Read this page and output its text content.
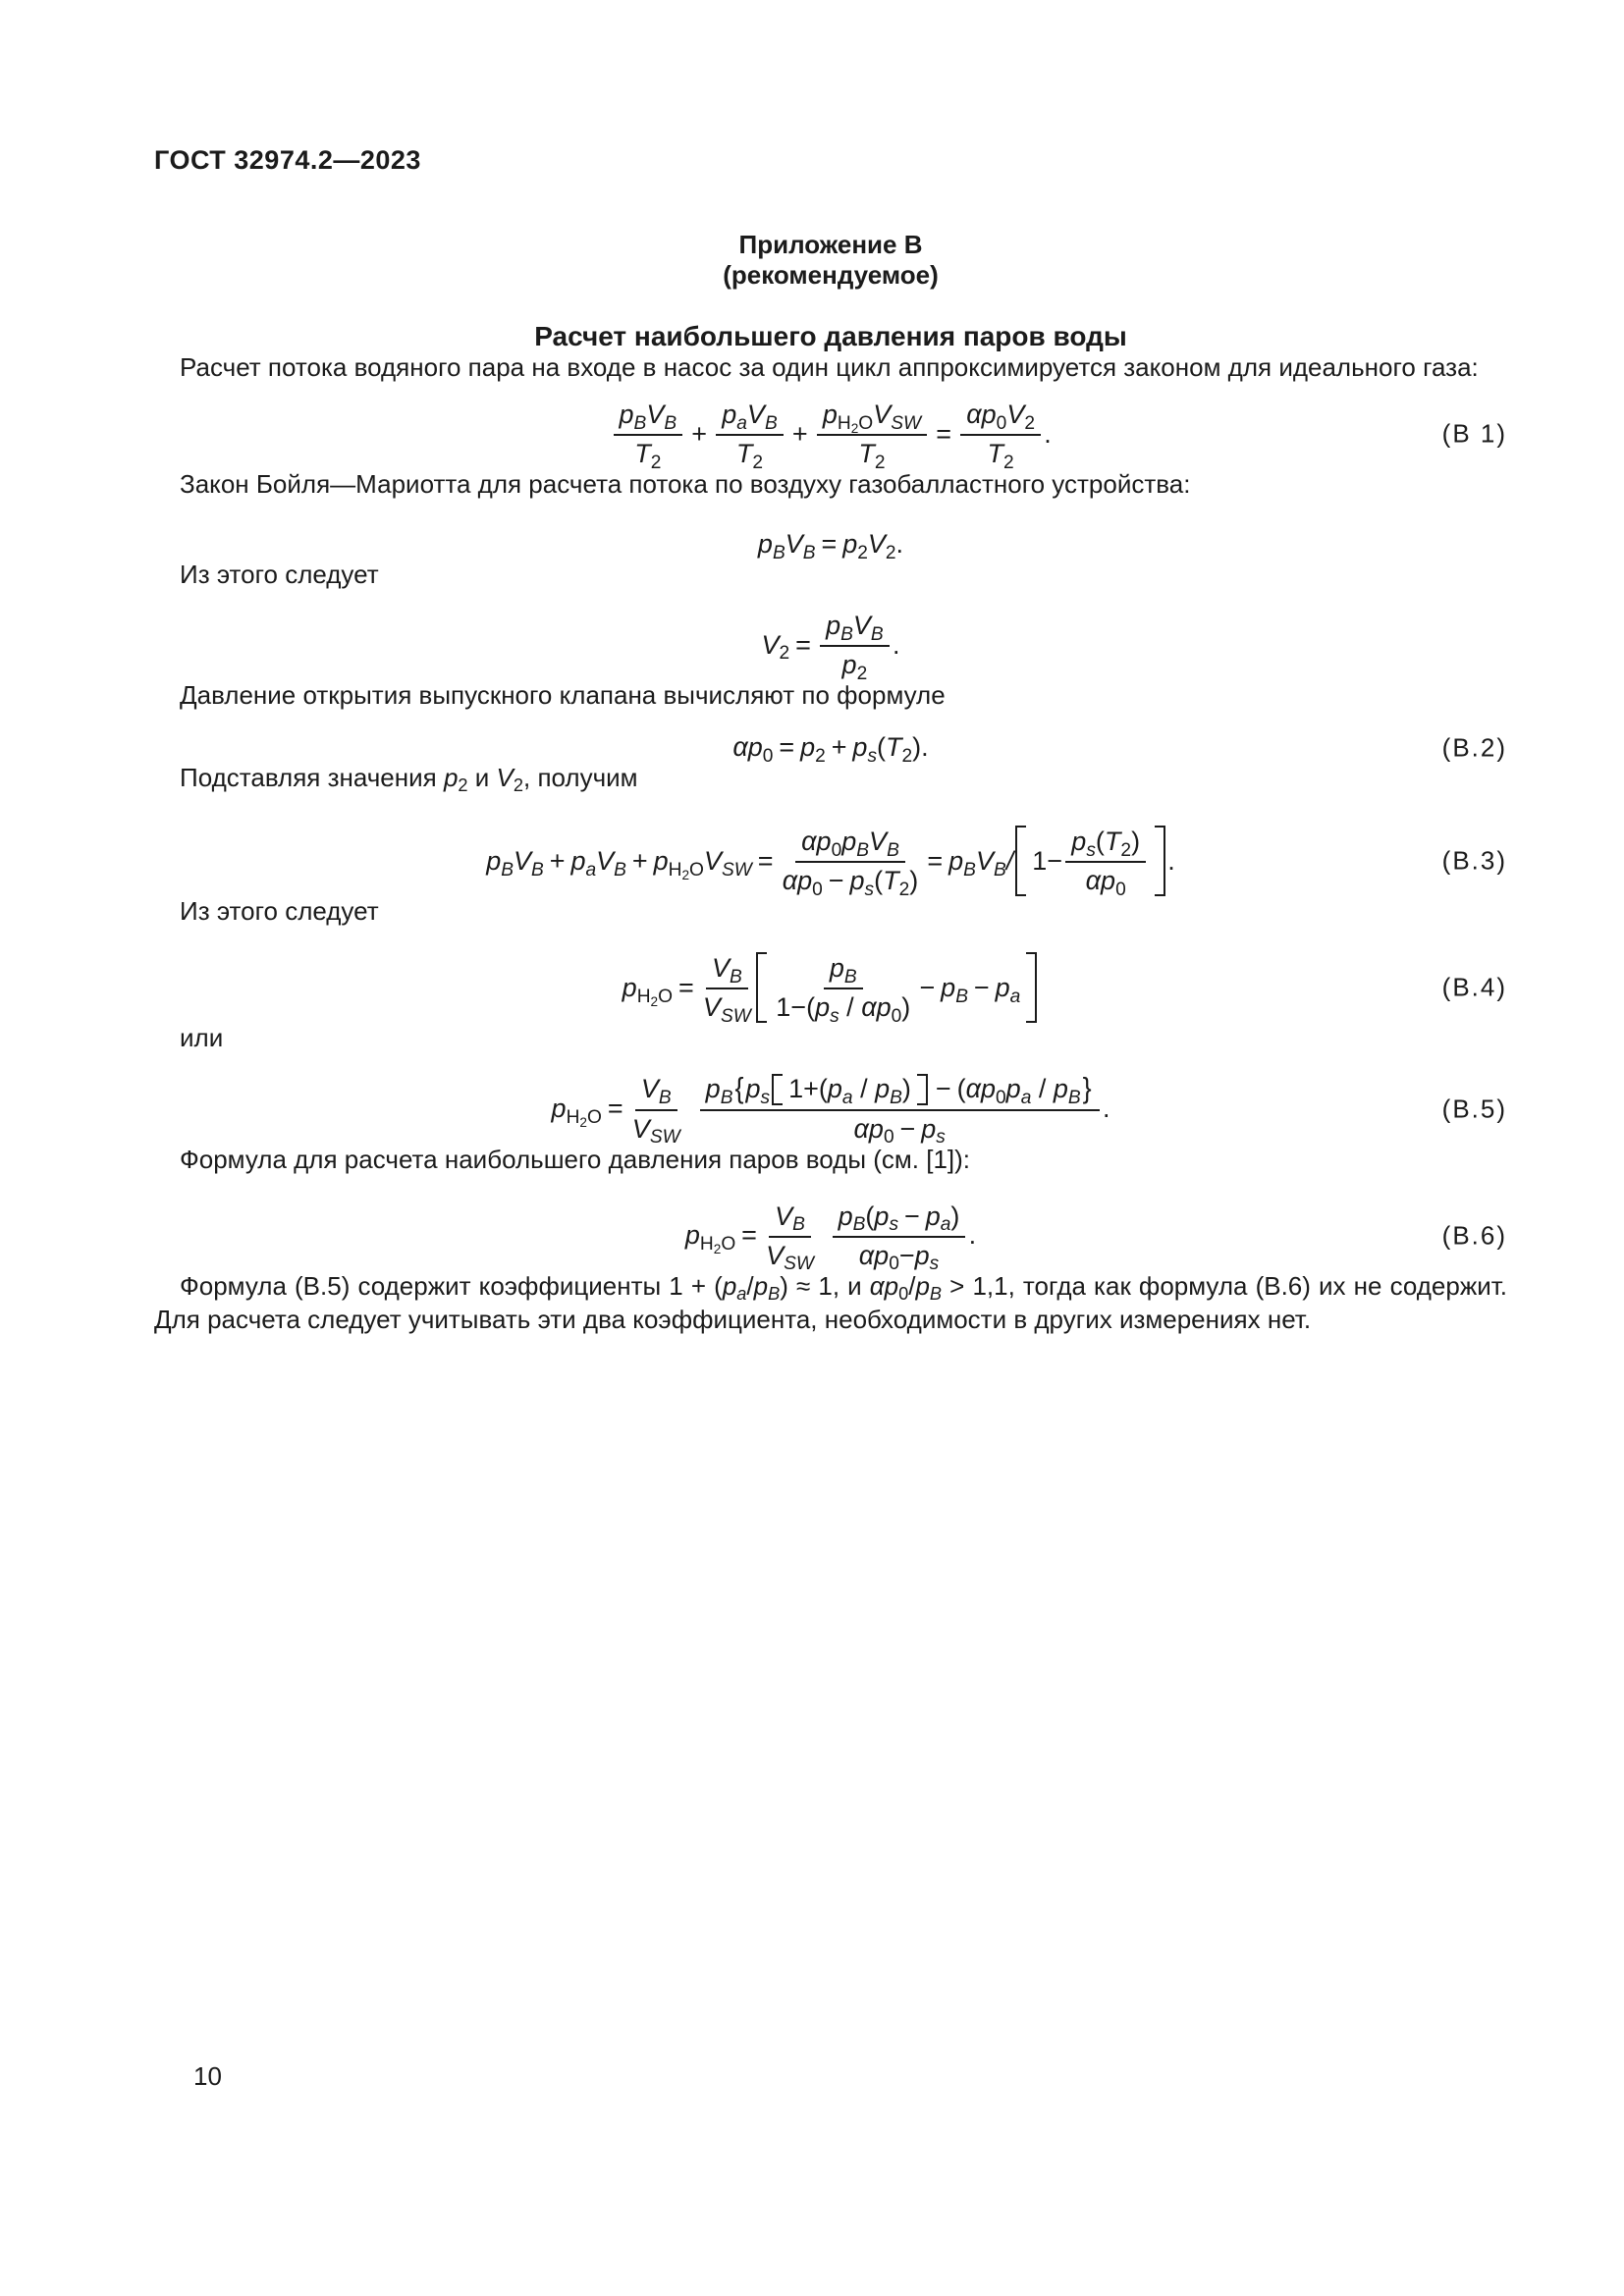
ГОСТ 32974.2—2023
Приложение В
(рекомендуемое)
Расчет наибольшего давления паров воды

Расчет потока водяного пара на входе в насос за один цикл аппроксимируется законом для идеального газа:

$p_B$ $V_B$
$T_2$
+
$p_a$ $V_B$
$T_2$
+
$p_{H_2O}$ $V_{SW}$
$T_2$
= $\frac{\alpha p_0 V_2}{T_2}$ .	(В 1)

Закон Бойля—Мариотта для расчета потока по воздуху газобалластного устройства:

$p_B$ $V_B = p_2$ $V_2$ .

Из этого следует

$V_2$ =
$p_B$ $V_B$
$p_2$
.

Давление открытия выпускного клапана вычисляют по формуле

α $p_0 = p_2 + p_s$ ( $T_2$ ).	(В.2)

Подставляя значения p2 и V2, получим

$p_B$ $V_B + p_a$ $V_B + p_{H_2O}$ $V_{SW}$ =
α $p_0$ $p_B$ $V_B$
α $p_0 - p_s$ ( $T_2$ )
= $p_B$ $V_B / 1- \frac{p_s ( T_2 )}{\alpha p_0}$ .	(В.3)

Из этого следует

$p_{H_2O}$ =
$V_B$
$V_{SW}$
$p_B$
1−( $p_s$ / α $p_0$ )
− $p_B - p_a$	(В.4)

или

$p_{H_2O}$ =
$V_B$
$V_{SW}$
$p_B$ { $p_s$ 1+( $p_a / p_B$ ) − ( α $p_0$ $p_a / p_B$ }
α $p_0 - p_s$
.	(В.5)

Формула для расчета наибольшего давления паров воды (см. [1]):

$p_{H_2O}$ =
$V_B$
$V_{SW}$
$p_B$ ( $p_s - p_a$ )
α $p_0 - p_s$
.	(В.6)

Формула (В.5) содержит коэффициенты 1 + (pa/pB) ≈ 1, и αp0/pB > 1,1, тогда как формула (В.6) их не содержит. Для расчета следует учитывать эти два коэффициента, необходимости в других измерениях нет.

10
